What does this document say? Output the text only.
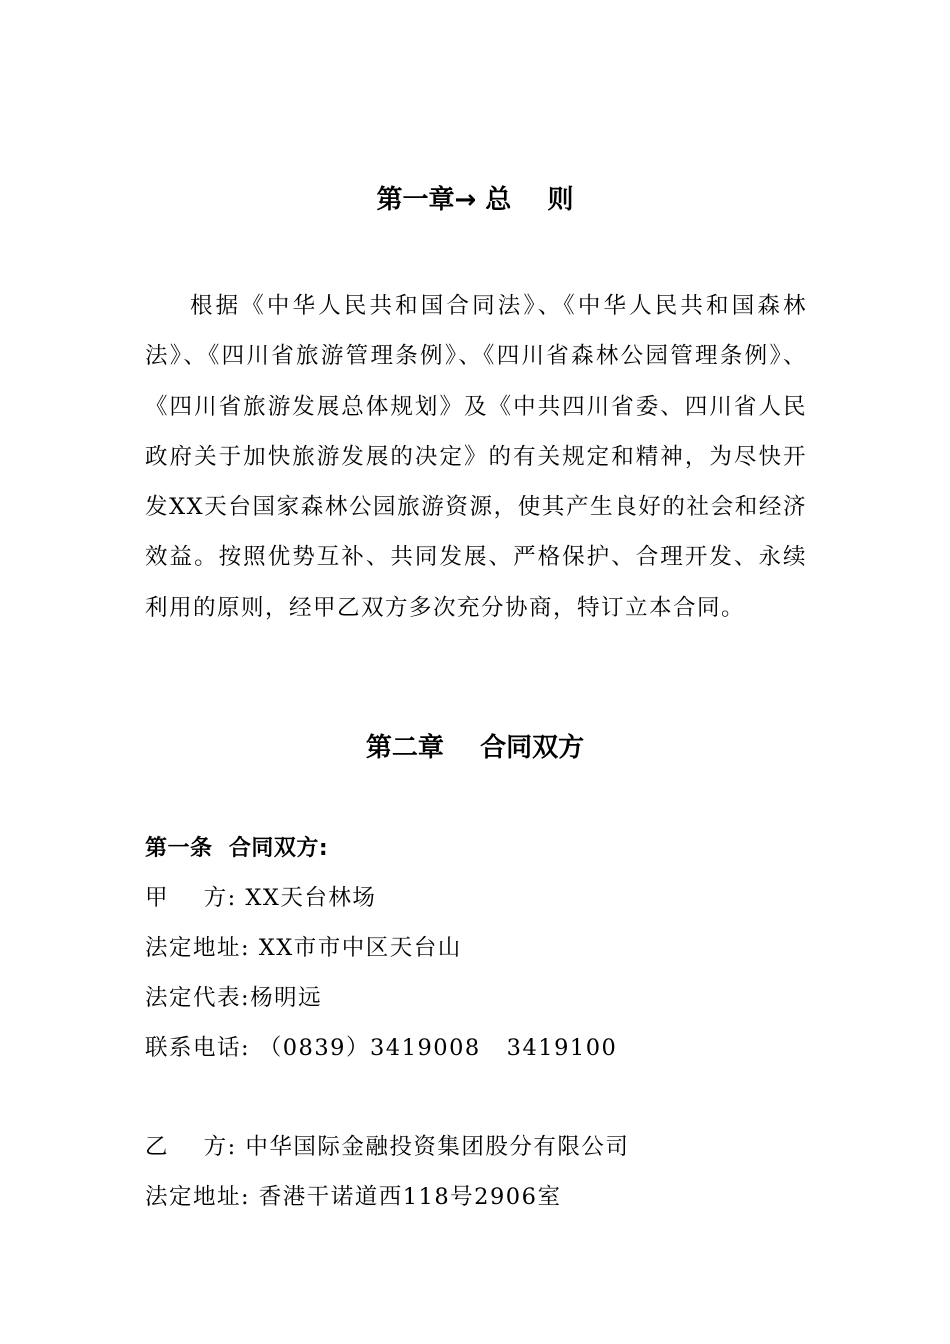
第一章→ 总    则
根据《中华人民共和国合同法》、《中华人民共和国森林法》、《四川省旅游管理条例》、《四川省森林公园管理条例》、《四川省旅游发展总体规划》及《中共四川省委、四川省人民政府关于加快旅游发展的决定》的有关规定和精神，为尽快开发XX天台国家森林公园旅游资源，使其产生良好的社会和经济效益。按照优势互补、共同发展、严格保护、合理开发、永续利用的原则，经甲乙双方多次充分协商，特订立本合同。
第二章    合同双方
第一条  合同双方:
甲    方: XX天台林场
法定地址: XX市市中区天台山
法定代表:杨明远
联系电话: （0839）3419008   3419100
乙    方: 中华国际金融投资集团股分有限公司
法定地址: 香港干诺道西118号2906室
